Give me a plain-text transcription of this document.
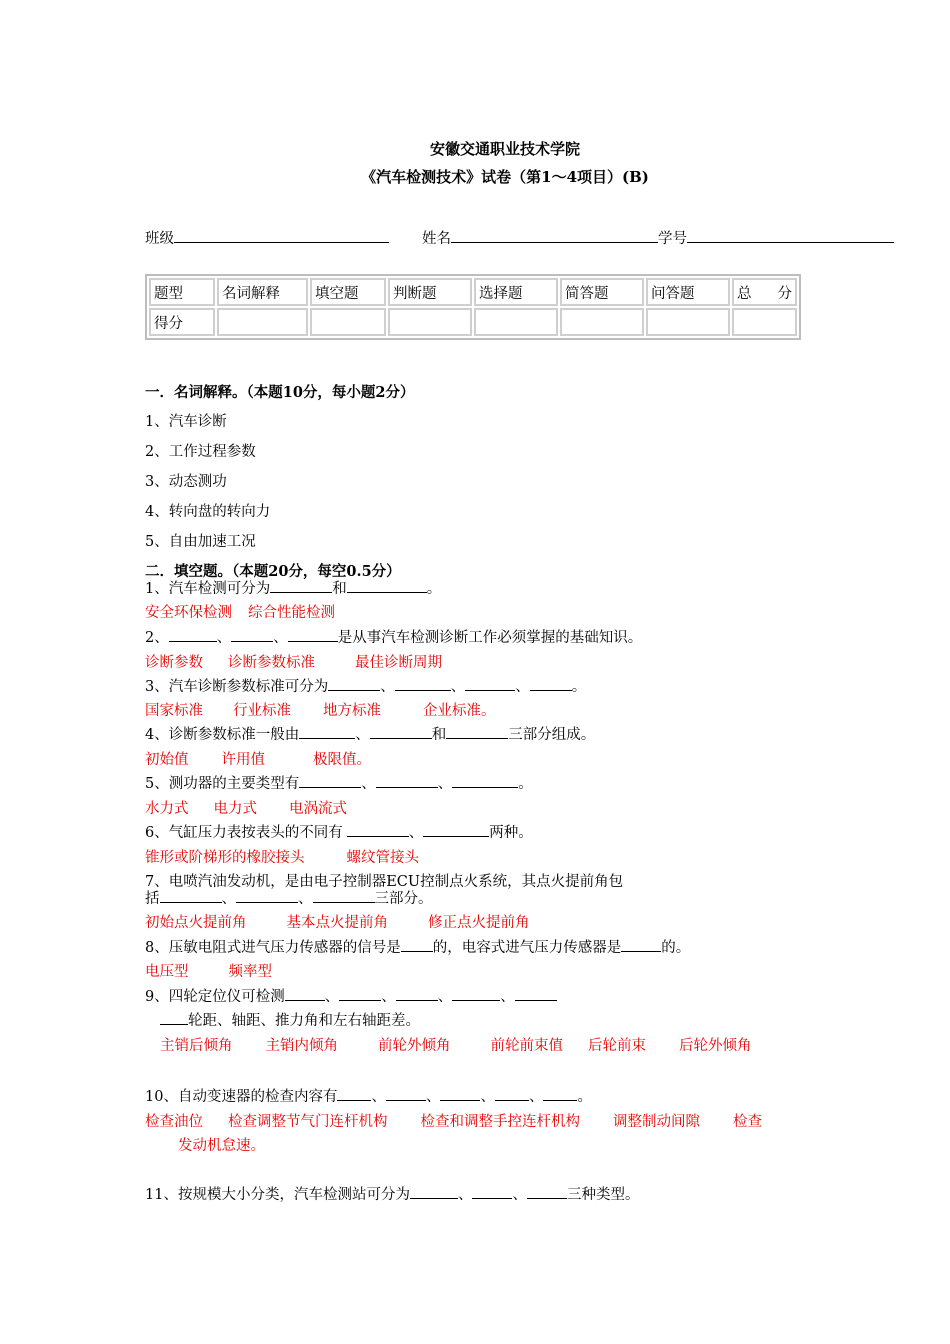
安徽交通职业技术学院
《汽车检测技术》试卷（第1～4项目）(B)
班级	姓名	学号
题型	名词解释	填空题	判断题	选择题	简答题	问答题	总 分

得分							
一．名词解释。（本题10分，每小题2分）
1、汽车诊断
2、工作过程参数
3、动态测功
4、转向盘的转向力
5、自由加速工况
二．填空题。（本题20分，每空0.5分）
1、汽车检测可分为	和	。
安全环保检测 综合性能检测
2、	、	、	是从事汽车检测诊断工作必须掌握的基础知识。
诊断参数 诊断参数标准	最佳诊断周期
3、汽车诊断参数标准可分为	、	、	、	。
国家标准 行业标准 地方标准	企业标准。
4、诊断参数标准一般由	、	和	三部分组成。
初始值 许用值	极限值。
5、测功器的主要类型有	、	、	。
水力式 电力式 电涡流式
6、气缸压力表按表头的不同有	、	两种。
锥形或阶梯形的橡胶接头	螺纹管接头
7、电喷汽油发动机，是由电子控制器ECU控制点火系统，其点火提前角包
括	、	、	三部分。
初始点火提前角	基本点火提前角	修正点火提前角
8、压敏电阻式进气压力传感器的信号是 的，电容式进气压力传感器是	的。
电压型	频率型
9、四轮定位仪可检测	、	、	、	、
轮距、轴距、推力角和左右轴距差。
主销后倾角 主销内倾角	前轮外倾角	前轮前束值 后轮前束 后轮外倾角
10、自动变速器的检查内容有 、	、	、 、 。
检查油位 检查调整节气门连杆机构 检查和调整手控连杆机构 调整制动间隙 检查
发动机怠速。
11、按规模大小分类，汽车检测站可分为	、	、	三种类型。
